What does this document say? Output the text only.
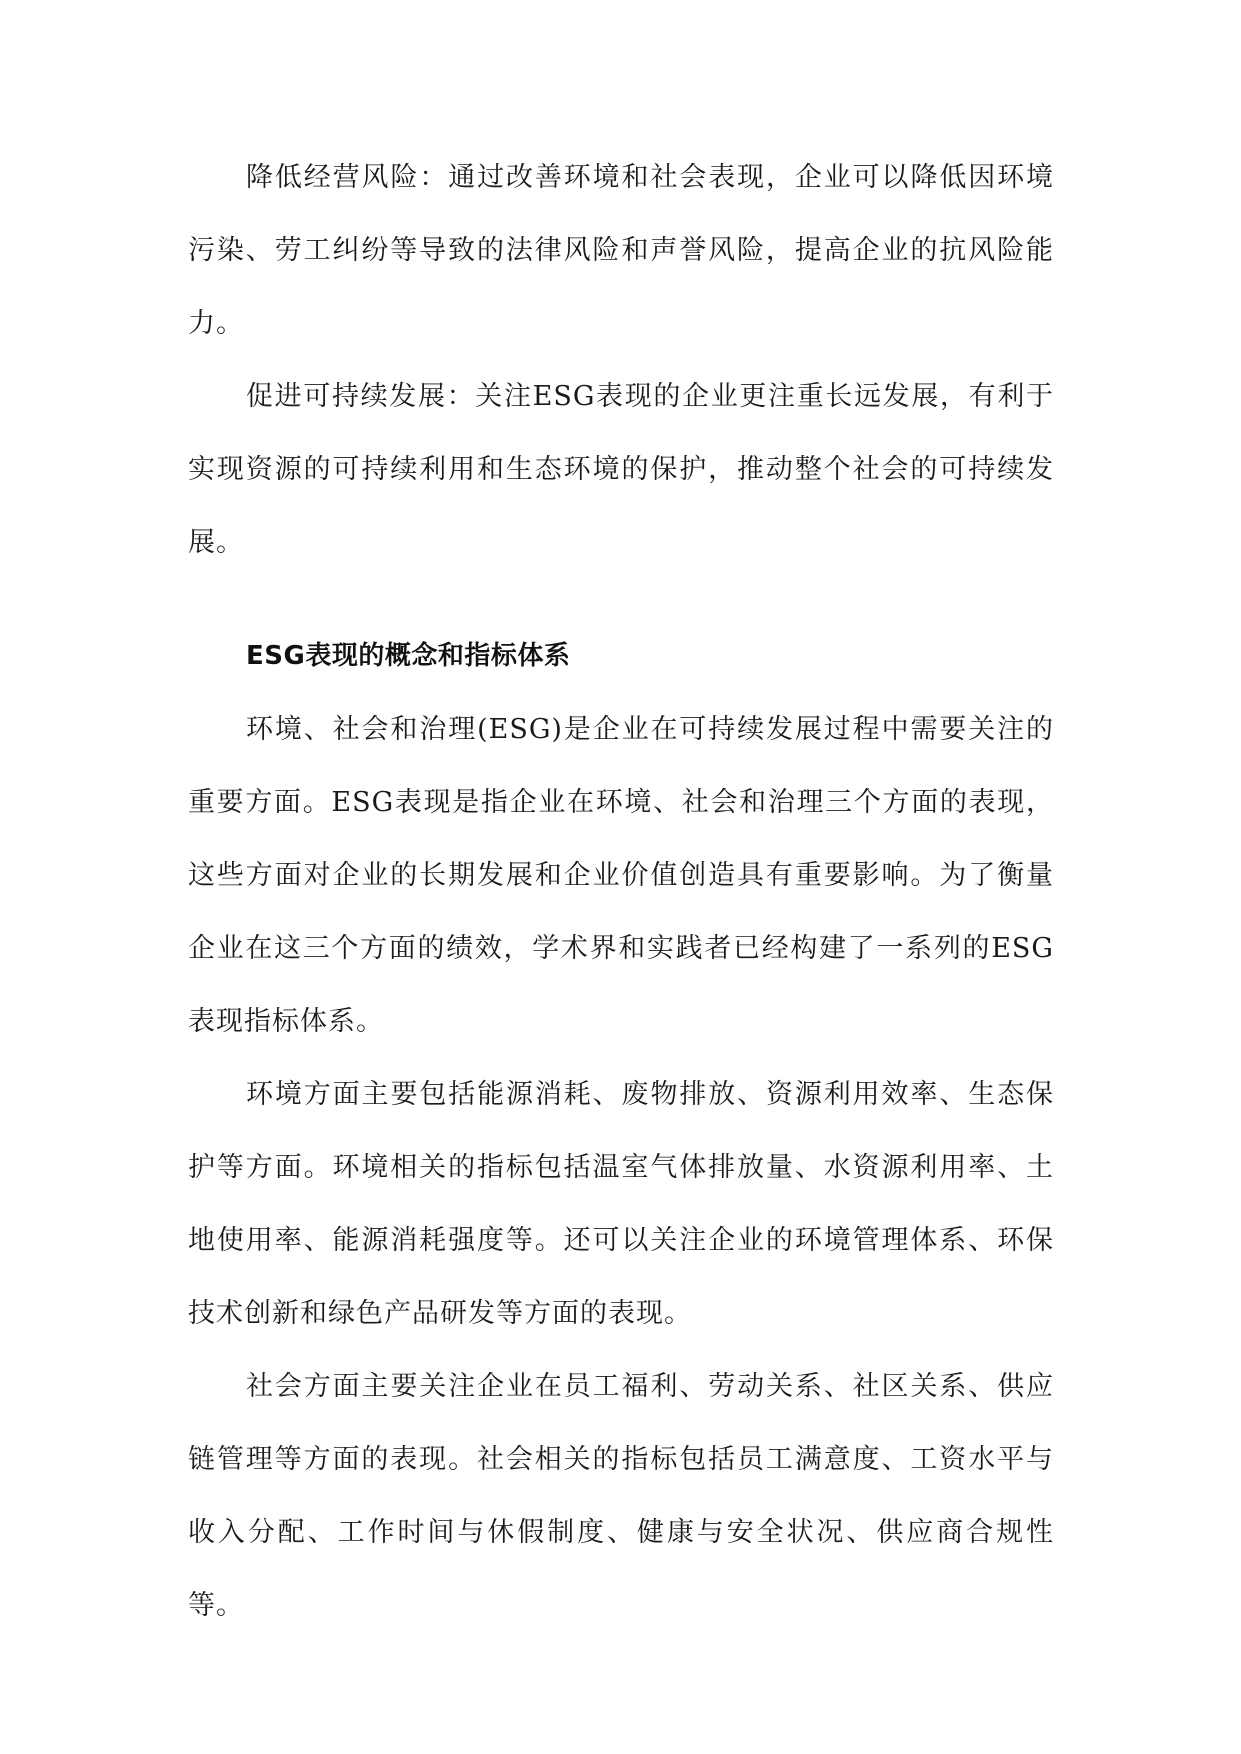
降低经营风险：通过改善环境和社会表现，企业可以降低因环境污染、劳工纠纷等导致的法律风险和声誉风险，提高企业的抗风险能力。

促进可持续发展：关注ESG表现的企业更注重长远发展，有利于实现资源的可持续利用和生态环境的保护，推动整个社会的可持续发展。

ESG表现的概念和指标体系

环境、社会和治理(ESG)是企业在可持续发展过程中需要关注的重要方面。ESG表现是指企业在环境、社会和治理三个方面的表现，这些方面对企业的长期发展和企业价值创造具有重要影响。为了衡量企业在这三个方面的绩效，学术界和实践者已经构建了一系列的ESG表现指标体系。

环境方面主要包括能源消耗、废物排放、资源利用效率、生态保护等方面。环境相关的指标包括温室气体排放量、水资源利用率、土地使用率、能源消耗强度等。还可以关注企业的环境管理体系、环保技术创新和绿色产品研发等方面的表现。

社会方面主要关注企业在员工福利、劳动关系、社区关系、供应链管理等方面的表现。社会相关的指标包括员工满意度、工资水平与收入分配、工作时间与休假制度、健康与安全状况、供应商合规性等。
